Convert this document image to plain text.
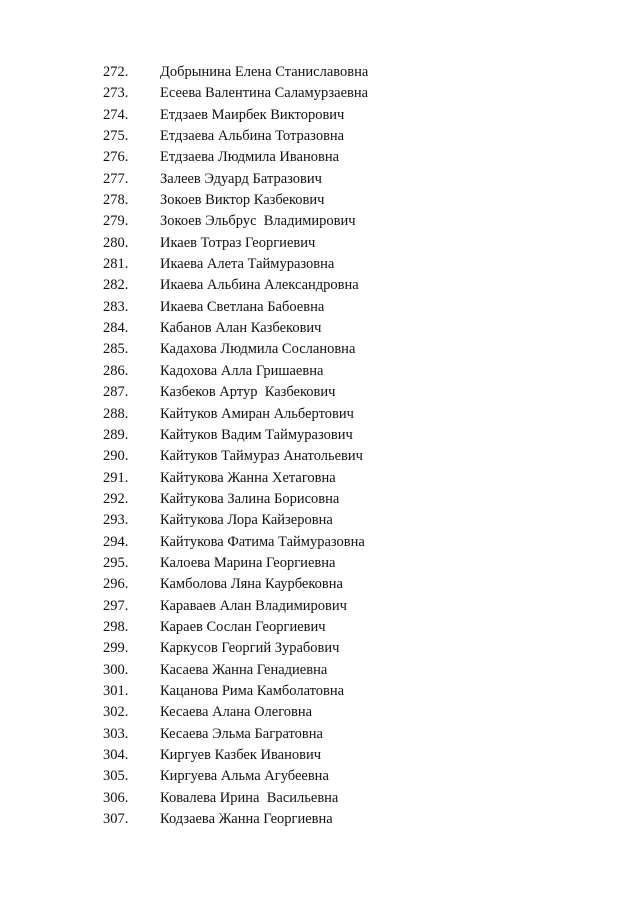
272.	Добрынина Елена Станиславовна
273.	Есеева Валентина Саламурзаевна
274.	Етдзаев Маирбек Викторович
275.	Етдзаева Альбина Тотразовна
276.	Етдзаева Людмила Ивановна
277.	Залеев Эдуард Батразович
278.	Зокоев Виктор Казбекович
279.	Зокоев Эльбрус  Владимирович
280.	Икаев Тотраз Георгиевич
281.	Икаева Алета Таймуразовна
282.	Икаева Альбина Александровна
283.	Икаева Светлана Бабоевна
284.	Кабанов Алан Казбекович
285.	Кадахова Людмила Сослановна
286.	Кадохова Алла Гришаевна
287.	Казбеков Артур  Казбекович
288.	Кайтуков Амиран Альбертович
289.	Кайтуков Вадим Таймуразович
290.	Кайтуков Таймураз Анатольевич
291.	Кайтукова Жанна Хетаговна
292.	Кайтукова Залина Борисовна
293.	Кайтукова Лора Кайзеровна
294.	Кайтукова Фатима Таймуразовна
295.	Калоева Марина Георгиевна
296.	Камболова Ляна Каурбековна
297.	Караваев Алан Владимирович
298.	Караев Сослан Георгиевич
299.	Каркусов Георгий Зурабович
300.	Касаева Жанна Генадиевна
301.	Кацанова Рима Камболатовна
302.	Кесаева Алана Олеговна
303.	Кесаева Эльма Багратовна
304.	Киргуев Казбек Иванович
305.	Киргуева Альма Агубеевна
306.	Ковалева Ирина  Васильевна
307.	Кодзаева Жанна Георгиевна
